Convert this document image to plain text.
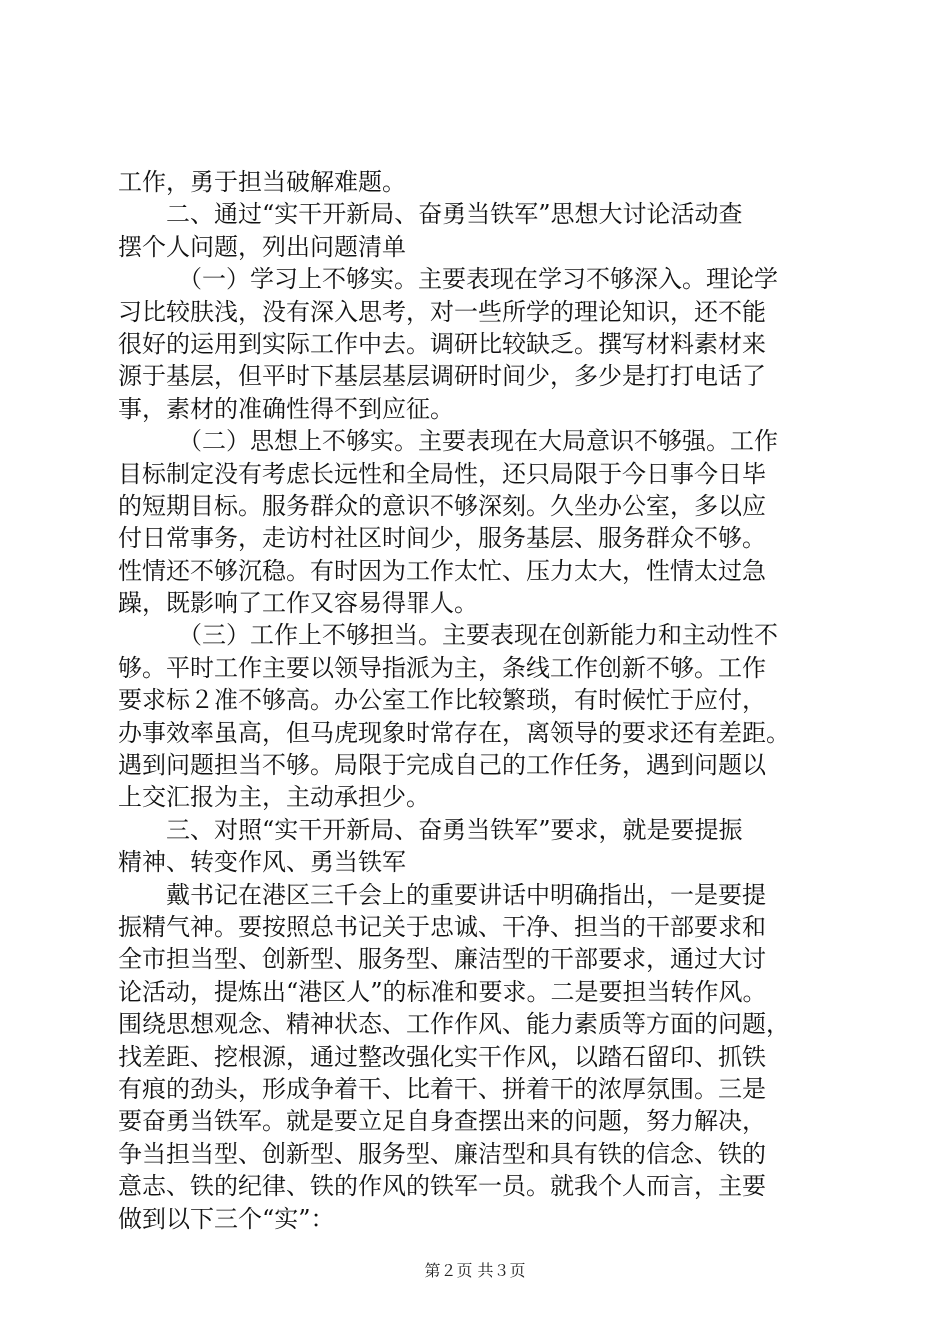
工作，勇于担当破解难题。
二、通过“实干开新局、奋勇当铁军”思想大讨论活动查
摆个人问题，列出问题清单
（一）学习上不够实。主要表现在学习不够深入。理论学
习比较肤浅，没有深入思考，对一些所学的理论知识，还不能
很好的运用到实际工作中去。调研比较缺乏。撰写材料素材来
源于基层，但平时下基层基层调研时间少，多少是打打电话了
事，素材的准确性得不到应征。
（二）思想上不够实。主要表现在大局意识不够强。工作
目标制定没有考虑长远性和全局性，还只局限于今日事今日毕
的短期目标。服务群众的意识不够深刻。久坐办公室，多以应
付日常事务，走访村社区时间少，服务基层、服务群众不够。
性情还不够沉稳。有时因为工作太忙、压力太大，性情太过急
躁，既影响了工作又容易得罪人。
（三）工作上不够担当。主要表现在创新能力和主动性不
够。平时工作主要以领导指派为主，条线工作创新不够。工作
要求标２准不够高。办公室工作比较繁琐，有时候忙于应付，
办事效率虽高，但马虎现象时常存在，离领导的要求还有差距。
遇到问题担当不够。局限于完成自己的工作任务，遇到问题以
上交汇报为主，主动承担少。
三、对照“实干开新局、奋勇当铁军”要求，就是要提振
精神、转变作风、勇当铁军
戴书记在港区三千会上的重要讲话中明确指出，一是要提
振精气神。要按照总书记关于忠诚、干净、担当的干部要求和
全市担当型、创新型、服务型、廉洁型的干部要求，通过大讨
论活动，提炼出“港区人”的标准和要求。二是要担当转作风。
围绕思想观念、精神状态、工作作风、能力素质等方面的问题，
找差距、挖根源，通过整改强化实干作风，以踏石留印、抓铁
有痕的劲头，形成争着干、比着干、拼着干的浓厚氛围。三是
要奋勇当铁军。就是要立足自身查摆出来的问题，努力解决，
争当担当型、创新型、服务型、廉洁型和具有铁的信念、铁的
意志、铁的纪律、铁的作风的铁军一员。就我个人而言，主要
做到以下三个“实”：
第２页 共３页
